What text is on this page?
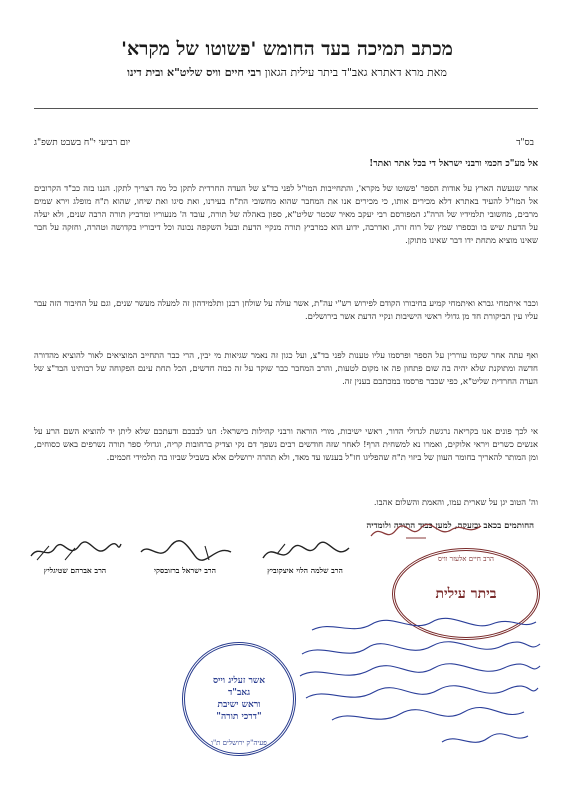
מכתב תמיכה בעד החומש 'פשוטו של מקרא'
מאת מרא דאתרא גאב"ד ביתר עילית הגאון רבי חיים וויס שליט"א ובית דינו
בס"ד
יום רביעי י"ח בשבט תשפ"ג
אל מע"כ חכמי ורבני ישראל די בכל אתר ואתר!
אחר שנעשה הארץ על אודות הספר 'פשוטו של מקרא', והתחייבות המו"ל לפני בד"צ של העדה החרדית לתקן כל מה דצריך לתקן. הננו בזה כב"ד הקרובים אל המו"ל להעיד באתרא דלא מכירים אותו, כי מכירים אנו את המחבר שהוא מחשובי הת"ח בעירנו, ואת סיגו ואת שיחו, שהוא ת"ח מופלג וירא שמים מרבים, מחשובי תלמידיו של הרה"ג המפורסם רבי יעקב מאיר שכטר שליט"א, ספון באהלה של תורה, עובד ה' מנעוריו ומרביץ תורה הרבה שנים, ולא יעלה על הדעת שיש בו ובספרו שמץ של רוח זרה, ואדרבה, ידוע הוא כמרביץ תורה מנקיי הדעת ובעל השקפה נכונה וכל דיבוריו בקדושה וטהרה, וחזקה על חבר שאינו מוציא מתחת ידו דבר שאינו מתוקן.
וכבר איתמחי גברא ואיתמחי קמיע בחיבורו הקודם לפירוש רש"י עה"ת, אשר עולה על שולחן רבנן ותלמידהון זה למעלה מעשר שנים, וגם על החיבור הזה עבר עליו עין הביקורת חד מן גדולי ראשי הישיבות ונקיי הדעת אשר בירושלים.
ואף עתה אחר שקמו עוררין על הספר ופרסמו עליו טענות לפני בד"צ, ועל כגון זה נאמר שגיאות מי יבין, הרי כבר התחייב המוציאים לאור להוציא מהדורה חדשה ומתוקנת שלא יהיה בה שום פתחון פה או מקום לטעות, והרב המחבר כבר שוקד על זה כמה חדשים, הכל תחת עינם הפקוחה של רבותינו הבד"צ של העדה החרדית שליט"א, כפי שכבר פרסמו במכתבם בענין זה.
אי לכך פונים אנו בקריאה נרגשת לגדולי הדור, ראשי ישיבות, מורי הוראה ורבני קהילות בישראל: חנו לבבכם ודעתכם שלא ליתן יד להוציא השם הרע על אנשים כשרים ויראי אלוקים, ואמרו נא למשחית הרף! לאחר שזה חודשים רבים נשפך דם נקי וצדיק ברחובות קריה, וגדולי ספר תורה נשרפים באש כסוחים, ומן המותר להאריך בחומר העוון של ביזוי ת"ח שהפליגו חז"ל בענשו עד מאד, ולא תהרה ירושלים אלא בשביל שביזו בה תלמידי חכמים.
וה' הטוב יגן על שארית עמו, והאמת והשלום אהבו.
החותמים בכאב ובזעקה, למען כבוד התורה ולומדיה
הרב שלמה הלוי איצקוביץ
הרב ישראל ברזובסקי
הרב אברהם שטיגליץ
הרב חיים אלעזר וויס
ביתר עילית
פעיה"ק ירושלים ת"ו
אשר זעליג וייס
גאב"ד
וראש ישיבת
"דרכי תורה"
